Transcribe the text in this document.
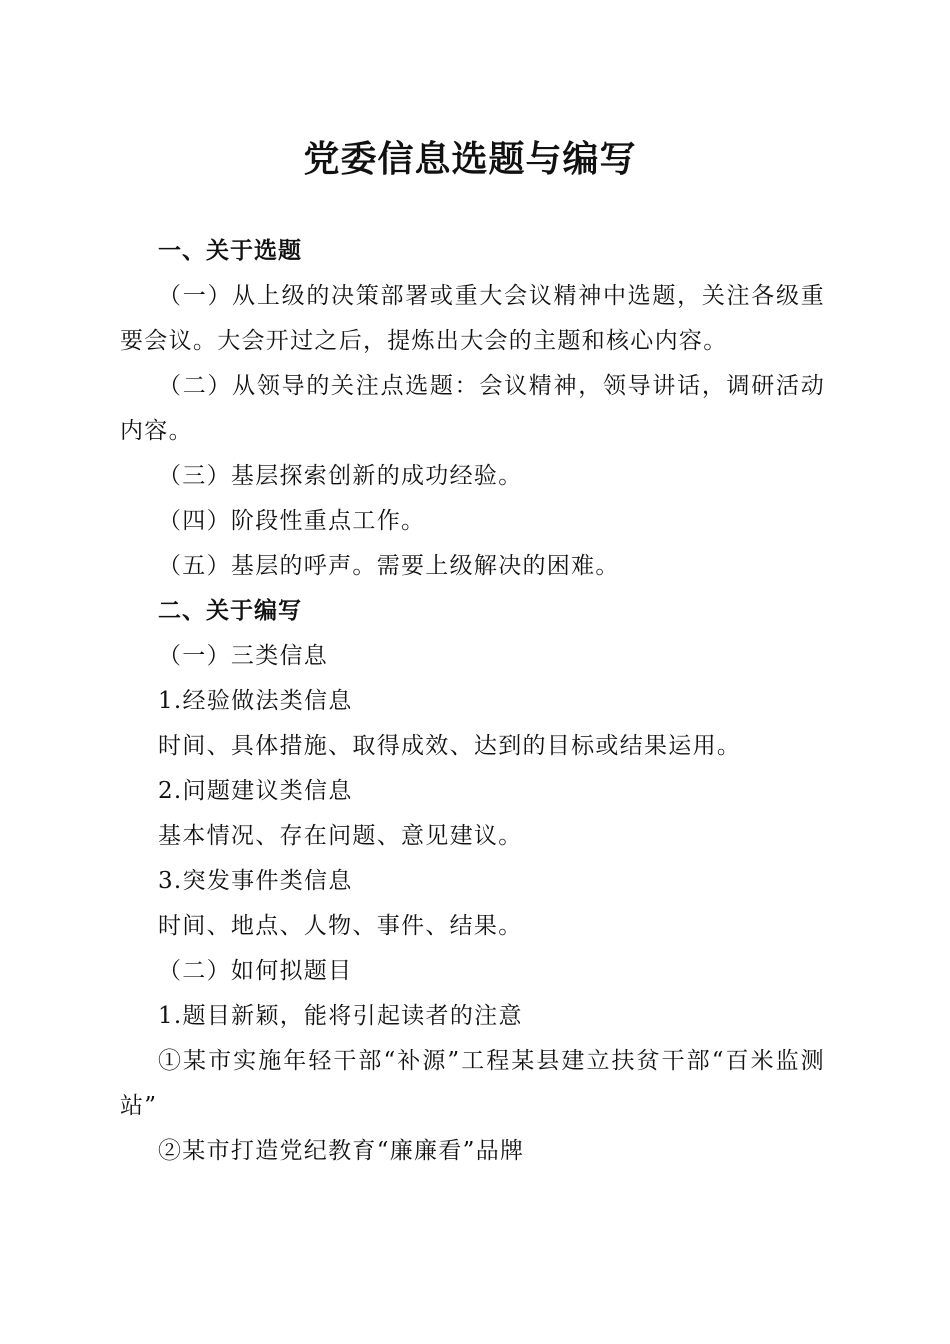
党委信息选题与编写

一、关于选题

（一）从上级的决策部署或重大会议精神中选题，关注各级重要会议。大会开过之后，提炼出大会的主题和核心内容。

（二）从领导的关注点选题：会议精神，领导讲话，调研活动内容。

（三）基层探索创新的成功经验。

（四）阶段性重点工作。

（五）基层的呼声。需要上级解决的困难。

二、关于编写

（一）三类信息

1.经验做法类信息

时间、具体措施、取得成效、达到的目标或结果运用。

2.问题建议类信息

基本情况、存在问题、意见建议。

3.突发事件类信息

时间、地点、人物、事件、结果。

（二）如何拟题目

1.题目新颖，能将引起读者的注意

①某市实施年轻干部“补源”工程某县建立扶贫干部“百米监测站”

②某市打造党纪教育“廉廉看”品牌
